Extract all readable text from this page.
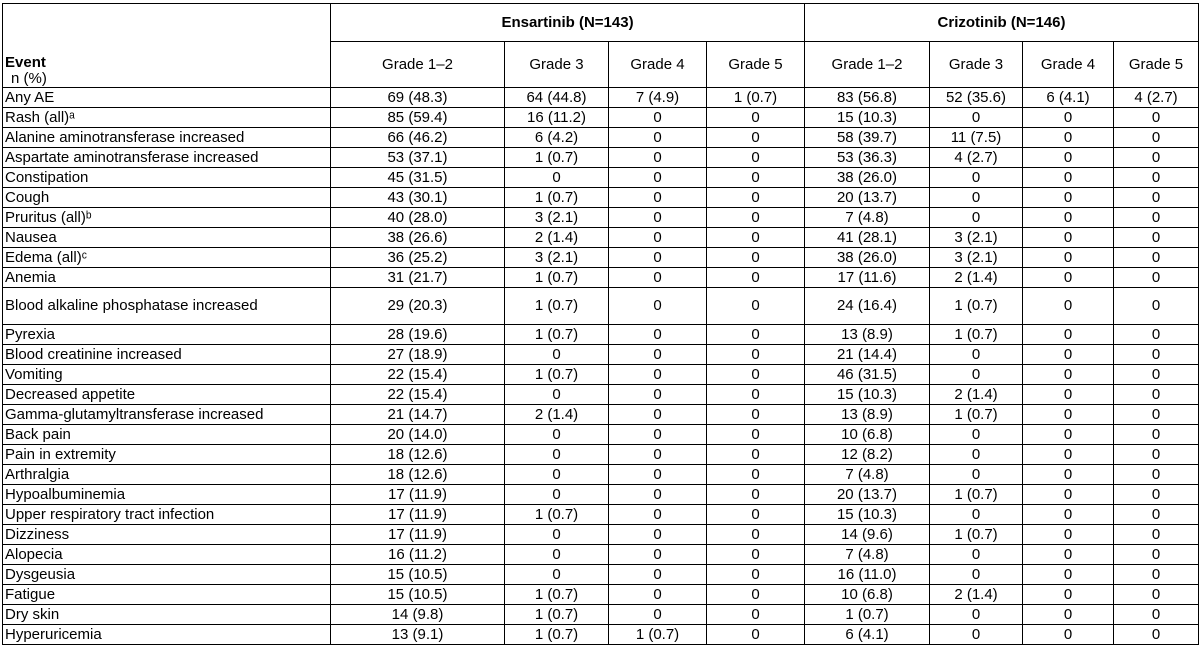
Event
n (%)	Ensartinib (N=143)				Crizotinib (N=146)			
	Grade 1–2	Grade 3	Grade 4	Grade 5	Grade 1–2	Grade 3	Grade 4	Grade 5
Any AE	69 (48.3)	64 (44.8)	7 (4.9)	1 (0.7)	83 (56.8)	52 (35.6)	6 (4.1)	4 (2.7)
Rash (all)ᵃ	85 (59.4)	16 (11.2)	0	0	15 (10.3)	0	0	0
Alanine aminotransferase increased	66 (46.2)	6 (4.2)	0	0	58 (39.7)	11 (7.5)	0	0
Aspartate aminotransferase increased	53 (37.1)	1 (0.7)	0	0	53 (36.3)	4 (2.7)	0	0
Constipation	45 (31.5)	0	0	0	38 (26.0)	0	0	0
Cough	43 (30.1)	1 (0.7)	0	0	20 (13.7)	0	0	0
Pruritus (all)ᵇ	40 (28.0)	3 (2.1)	0	0	7 (4.8)	0	0	0
Nausea	38 (26.6)	2 (1.4)	0	0	41 (28.1)	3 (2.1)	0	0
Edema (all)ᶜ	36 (25.2)	3 (2.1)	0	0	38 (26.0)	3 (2.1)	0	0
Anemia	31 (21.7)	1 (0.7)	0	0	17 (11.6)	2 (1.4)	0	0
Blood alkaline phosphatase increased	29 (20.3)	1 (0.7)	0	0	24 (16.4)	1 (0.7)	0	0
Pyrexia	28 (19.6)	1 (0.7)	0	0	13 (8.9)	1 (0.7)	0	0
Blood creatinine increased	27 (18.9)	0	0	0	21 (14.4)	0	0	0
Vomiting	22 (15.4)	1 (0.7)	0	0	46 (31.5)	0	0	0
Decreased appetite	22 (15.4)	0	0	0	15 (10.3)	2 (1.4)	0	0
Gamma-glutamyltransferase increased	21 (14.7)	2 (1.4)	0	0	13 (8.9)	1 (0.7)	0	0
Back pain	20 (14.0)	0	0	0	10 (6.8)	0	0	0
Pain in extremity	18 (12.6)	0	0	0	12 (8.2)	0	0	0
Arthralgia	18 (12.6)	0	0	0	7 (4.8)	0	0	0
Hypoalbuminemia	17 (11.9)	0	0	0	20 (13.7)	1 (0.7)	0	0
Upper respiratory tract infection	17 (11.9)	1 (0.7)	0	0	15 (10.3)	0	0	0
Dizziness	17 (11.9)	0	0	0	14 (9.6)	1 (0.7)	0	0
Alopecia	16 (11.2)	0	0	0	7 (4.8)	0	0	0
Dysgeusia	15 (10.5)	0	0	0	16 (11.0)	0	0	0
Fatigue	15 (10.5)	1 (0.7)	0	0	10 (6.8)	2 (1.4)	0	0
Dry skin	14 (9.8)	1 (0.7)	0	0	1 (0.7)	0	0	0
Hyperuricemia	13 (9.1)	1 (0.7)	1 (0.7)	0	6 (4.1)	0	0	0
